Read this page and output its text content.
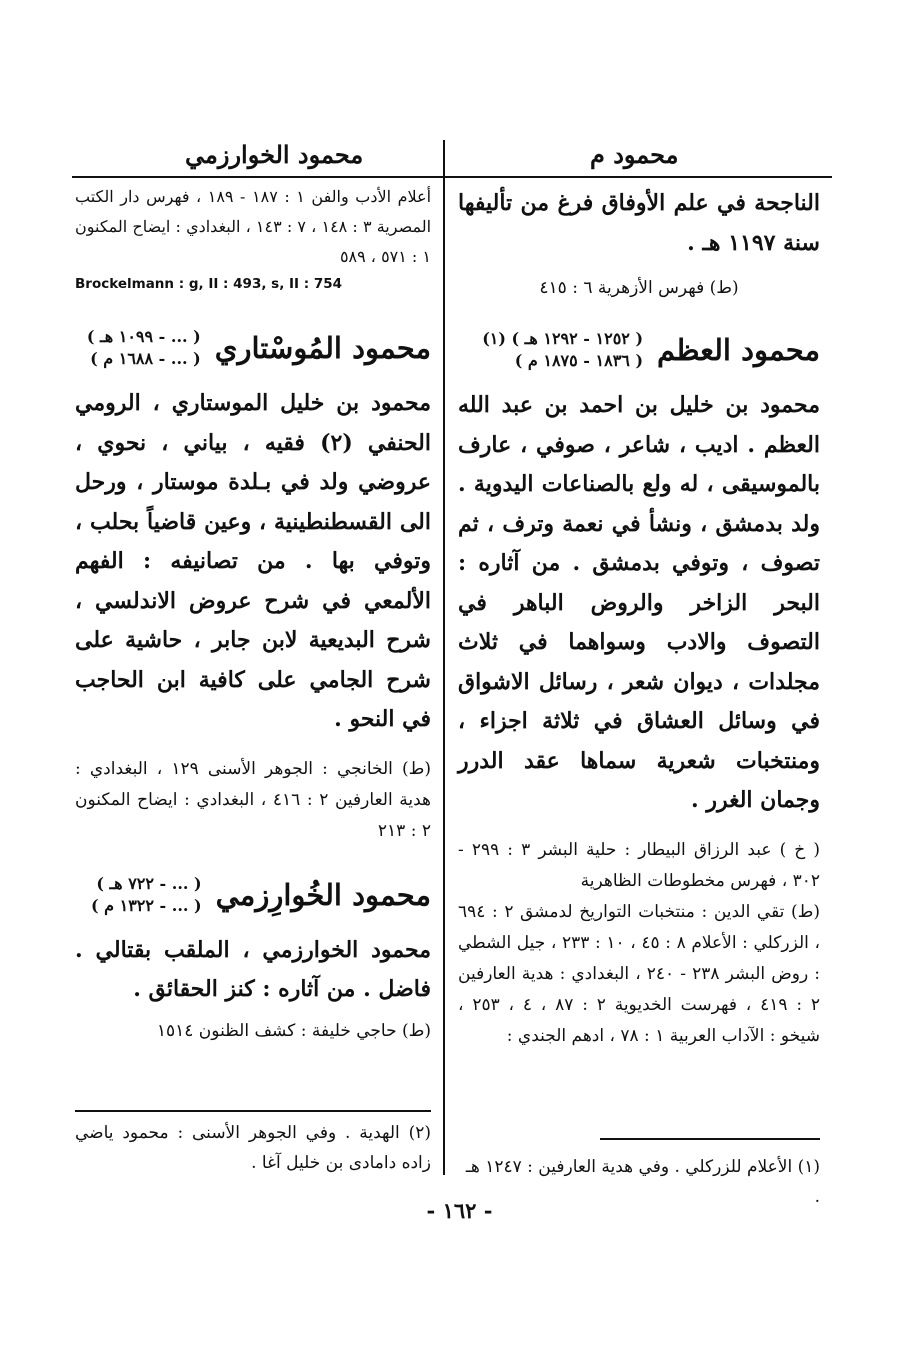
محمود م
محمود الخوارزمي

الناجحة في علم الأوفاق فرغ من تأليفها سنة ١١٩٧ هـ .

(ط) فهرس الأزهرية ٦ : ٤١٥

محمود العظم
( ١٢٥٢ - ١٢٩٢ هـ ) (١)
( ١٨٣٦ - ١٨٧٥ م )

محمود بن خليل بن احمد بن عبد الله العظم . اديب ، شاعر ، صوفي ، عارف بالموسيقى ، له ولع بالصناعات اليدوية . ولد بدمشق ، ونشأ في نعمة وترف ، ثم تصوف ، وتوفي بدمشق . من آثاره : البحر الزاخر والروض الباهر في التصوف والادب وسواهما في ثلاث مجلدات ، ديوان شعر ، رسائل الاشواق في وسائل العشاق في ثلاثة اجزاء ، ومنتخبات شعرية سماها عقد الدرر وجمان الغرر .

( خ ) عبد الرزاق البيطار : حلية البشر ٣ : ٢٩٩ - ٣٠٢ ، فهرس مخطوطات الظاهرية

(ط) تقي الدين : منتخبات التواريخ لدمشق ٢ : ٦٩٤ ، الزركلي : الأعلام ٨ : ٤٥ ، ١٠ : ٢٣٣ ، جيل الشطي : روض البشر ٢٣٨ - ٢٤٠ ، البغدادي : هدية العارفين ٢ : ٤١٩ ، فهرست الخديوية ٢ : ٨٧ ، ٤ ، ٢٥٣ ، شيخو : الآداب العربية ١ : ٧٨ ، ادهم الجندي :

أعلام الأدب والفن ١ : ١٨٧ - ١٨٩ ، فهرس دار الكتب المصرية ٣ : ١٤٨ ، ٧ : ١٤٣ ، البغدادي : ايضاح المكنون ١ : ٥٧١ ، ٥٨٩

Brockelmann : g, II : 493, s, II : 754

محمود المُوسْتاري
( ... - ١٠٩٩ هـ )
( ... - ١٦٨٨ م )

محمود بن خليل الموستاري ، الرومي الحنفي (٢) فقيه ، بياني ، نحوي ، عروضي ولد في بـلدة موستار ، ورحل الى القسطنطينية ، وعين قاضياً بحلب ، وتوفي بها . من تصانيفه : الفهم الألمعي في شرح عروض الاندلسي ، شرح البديعية لابن جابر ، حاشية على شرح الجامي على كافية ابن الحاجب في النحو .

(ط) الخانجي : الجوهر الأسنى ١٢٩ ، البغدادي : هدية العارفين ٢ : ٤١٦ ، البغدادي : ايضاح المكنون ٢ : ٢١٣

محمود الخُوارِزمي
( ... - ٧٢٢ هـ )
( ... - ١٣٢٢ م )

محمود الخوارزمي ، الملقب بقتالي . فاضل . من آثاره : كنز الحقائق .

(ط) حاجي خليفة : كشف الظنون ١٥١٤

(٢) الهدية . وفي الجوهر الأسنى : محمود ياضي زاده دامادى بن خليل آغا .	(١) الأعلام للزركلي . وفي هدية العارفين : ١٢٤٧ هـ .
- ١٦٢ -
